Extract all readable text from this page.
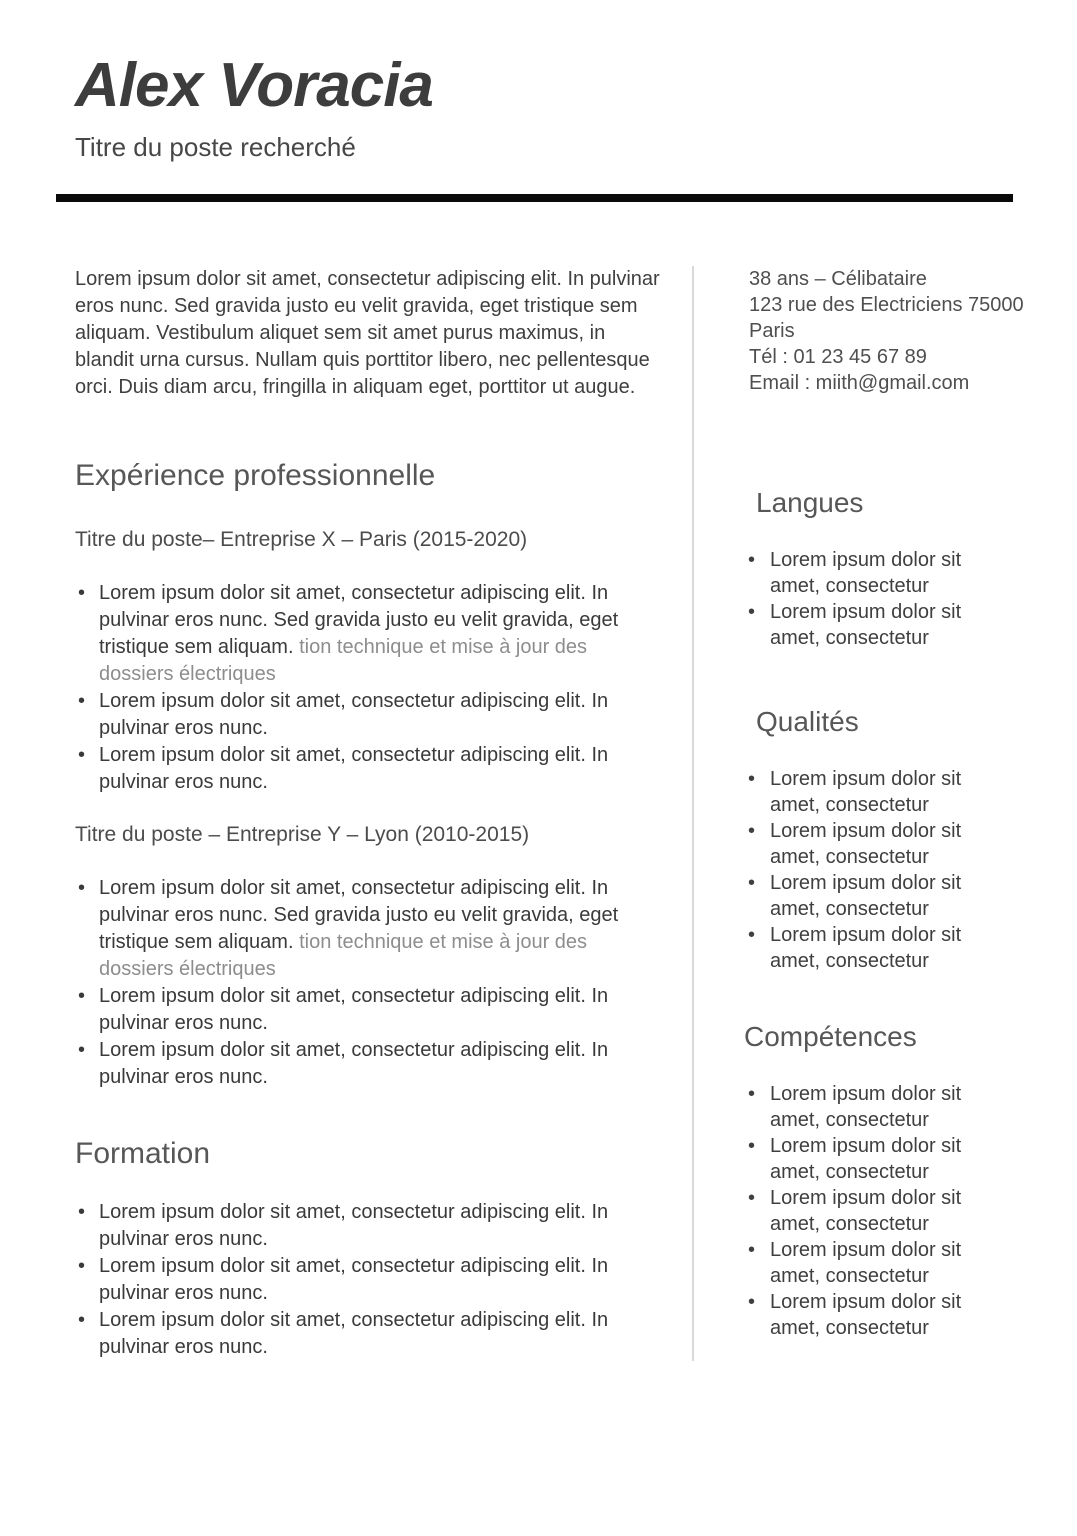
Alex Voracia
Titre du poste recherché

Lorem ipsum dolor sit amet, consectetur adipiscing elit. In pulvinar eros nunc. Sed gravida justo eu velit gravida, eget tristique sem aliquam. Vestibulum aliquet sem sit amet purus maximus, in blandit urna cursus. Nullam quis porttitor libero, nec pellentesque orci. Duis diam arcu, fringilla in aliquam eget, porttitor ut augue.

Expérience professionnelle
Titre du poste– Entreprise X – Paris (2015-2020)
• Lorem ipsum dolor sit amet, consectetur adipiscing elit. In pulvinar eros nunc. Sed gravida justo eu velit gravida, eget tristique sem aliquam. tion technique et mise à jour des dossiers électriques
• Lorem ipsum dolor sit amet, consectetur adipiscing elit. In pulvinar eros nunc.
• Lorem ipsum dolor sit amet, consectetur adipiscing elit. In pulvinar eros nunc.
Titre du poste – Entreprise Y – Lyon (2010-2015)
• Lorem ipsum dolor sit amet, consectetur adipiscing elit. In pulvinar eros nunc. Sed gravida justo eu velit gravida, eget tristique sem aliquam. tion technique et mise à jour des dossiers électriques
• Lorem ipsum dolor sit amet, consectetur adipiscing elit. In pulvinar eros nunc.
• Lorem ipsum dolor sit amet, consectetur adipiscing elit. In pulvinar eros nunc.
Formation
• Lorem ipsum dolor sit amet, consectetur adipiscing elit. In pulvinar eros nunc.
• Lorem ipsum dolor sit amet, consectetur adipiscing elit. In pulvinar eros nunc.
• Lorem ipsum dolor sit amet, consectetur adipiscing elit. In pulvinar eros nunc.
38 ans – Célibataire
123 rue des Electriciens 75000 Paris
Tél : 01 23 45 67 89
Email : miith@gmail.com
Langues
• Lorem ipsum dolor sit amet, consectetur
• Lorem ipsum dolor sit amet, consectetur
Qualités
• Lorem ipsum dolor sit amet, consectetur
• Lorem ipsum dolor sit amet, consectetur
• Lorem ipsum dolor sit amet, consectetur
• Lorem ipsum dolor sit amet, consectetur
Compétences
• Lorem ipsum dolor sit amet, consectetur
• Lorem ipsum dolor sit amet, consectetur
• Lorem ipsum dolor sit amet, consectetur
• Lorem ipsum dolor sit amet, consectetur
• Lorem ipsum dolor sit amet, consectetur
